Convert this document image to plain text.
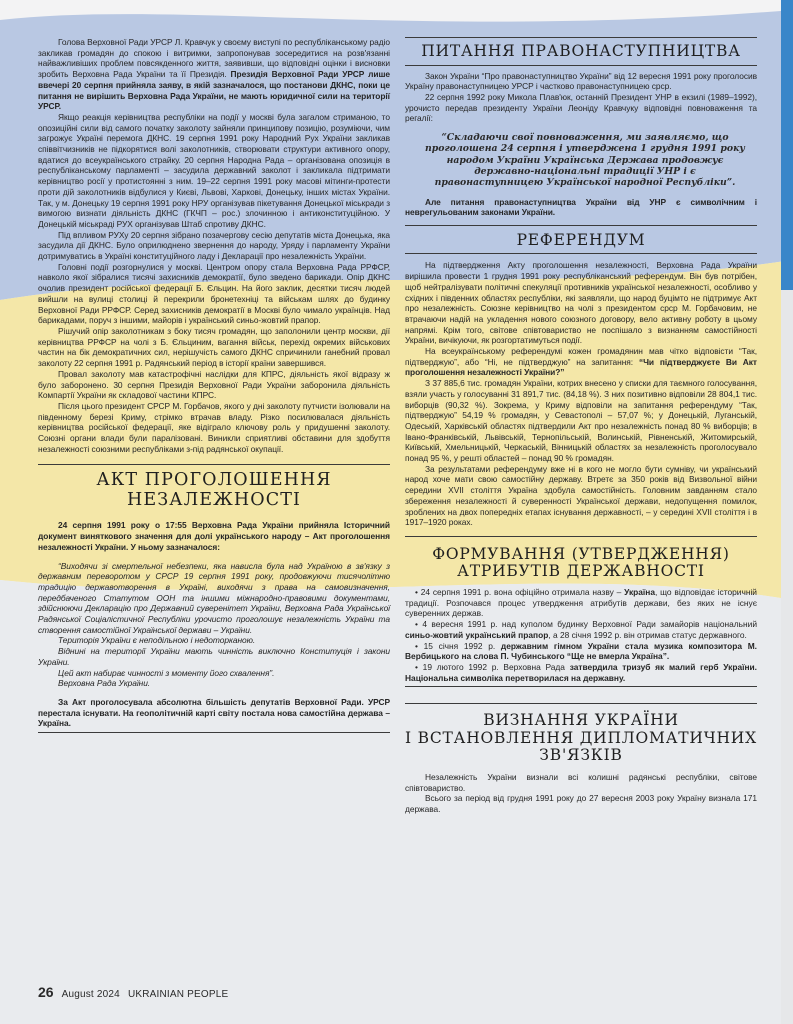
Голова Верховної Ради УРСР Л. Кравчук у своєму виступі по республіканському радіо закликав громадян до спокою і витримки, запропонував зосередитися на розв'язанні найважливіших проблем повсякденного життя, заявивши, що відповідні оцінки і висновки зробить Верховна Рада України та її Президія. Президія Верховної Ради УРСР лише ввечері 20 серпня прийняла заяву, в якій зазначалося, що постанови ДКНС, поки це питання не вирішить Верховна Рада України, не мають юридичної сили на території УРСР.

Якщо реакція керівництва республіки на події у москві була загалом стриманою, то опозиційні сили від самого початку заколоту зайняли принципову позицію, розуміючи, чим загрожує Україні перемога ДКНС. 19 серпня 1991 року Народний Рух України закликав співвітчизників не підкорятися волі заколотників, створювати структури активного опору, вдатися до всеукраїнського страйку. 20 серпня Народна Рада – організована опозиція в республіканському парламенті – засудила державний заколот і закликала підтримати керівництво росії у протистоянні з ним. 19–22 серпня 1991 року масові мітинги-протести проти дій заколотників відбулися у Києві, Львові, Харкові, Донецьку, інших містах України. Так, у м. Донецьку 19 серпня 1991 року НРУ організував пікетування Донецької міськради з вимогою визнати діяльність ДКНС (ГКЧП – рос.) злочинною і антиконституційною. У Донецькій міськраді РУХ організував Штаб спротиву ДКНС.

Під впливом РУХу 20 серпня зібрано позачергову сесію депутатів міста Донецька, яка засудила дії ДКНС. Було оприлюднено звернення до народу, Уряду і парламенту України дотримуватись в Україні конституційного ладу і Декларації про незалежність України.

Головні події розгорнулися у москві. Центром опору стала Верховна Рада РРФСР, навколо якої зібралися тисячі захисників демократії, було зведено барикади. Опір ДКНС очолив президент російської федерації Б. Єльцин. На його заклик, десятки тисяч людей вийшли на вулиці столиці й перекрили бронетехніці та військам шлях до будинку Верховної Ради РРФСР. Серед захисників демократії в Москві було чимало українців. Над барикадами, поруч з іншими, майорів і український синьо-жовтий прапор.

Рішучий опір заколотникам з боку тисяч громадян, що заполонили центр москви, дії керівництва РРФСР на чолі з Б. Єльциним, вагання військ, перехід окремих військових частин на бік демократичних сил, нерішучість самого ДКНС спричинили ганебний провал заколоту 22 серпня 1991 р. Радянський період в історії країни завершився.

Провал заколоту мав катастрофічні наслідки для КПРС, діяльність якої відразу ж було заборонено. 30 серпня Президія Верховної Ради України заборонила діяльність Компартії України як складової частини КПРС.

Після цього президент СРСР М. Горбачов, якого у дні заколоту путчисти ізолювали на південному березі Криму, стрімко втрачав владу. Різко посилювалася діяльність керівництва російської федерації, яке відіграло ключову роль у придушенні заколоту. Союзні органи влади були паралізовані. Виникли сприятливі обставини для здобуття незалежності союзними республіками з-під радянської окупації.

АКТ ПРОГОЛОШЕННЯ
НЕЗАЛЕЖНОСТІ

24 серпня 1991 року о 17:55 Верховна Рада України прийняла Історичний документ виняткового значення для долі українського народу – Акт проголошення незалежності України. У ньому зазначалося:

“Виходячи зі смертельної небезпеки, яка нависла була над Україною в зв'язку з державним переворотом у СРСР 19 серпня 1991 року, продовжуючи тисячолітню традицію державотворення в Україні, виходячи з права на самовизначення, передбаченого Статутом ООН та іншими міжнародно-правовими документами, здійснюючи Декларацію про Державний суверенітет України, Верховна Рада Української Радянської Соціалістичної Республіки урочисто проголошує незалежність України та створення самостійної Української держави – України.

Територія України є неподільною і недоторканою.

Віднині на території України мають чинність виключно Конституція і закони України.

Цей акт набирає чинності з моменту його схвалення”.

Верховна Рада України.

За Акт проголосувала абсолютна більшість депутатів Верховної Ради. УРСР перестала існувати. На геополітичній карті світу постала нова самостійна держава – Україна.

ПИТАННЯ ПРАВОНАСТУПНИЦТВА

Закон України “Про правонаступництво України” від 12 вересня 1991 року проголосив Україну правонаступницею УРСР і частково правонаступницею срср.

22 серпня 1992 року Микола Плав'юк, останній Президент УНР в екзилі (1989–1992), урочисто передав президенту України Леоніду Кравчуку відповідні повноваження та регалії:

“Складаючи свої повноваження, ми заявляємо, що проголошена 24 серпня і утверджена 1 грудня 1991 року народом України Українська Держава продовжує державно-національні традиції УНР і є правонаступницею Української народної Республіки”.

Але питання правонаступництва України від УНР є символічним і неврегульованим законами України.

РЕФЕРЕНДУМ

На підтвердження Акту проголошення незалежності, Верховна Рада України вирішила провести 1 грудня 1991 року республіканський референдум. Він був потрібен, щоб нейтралізувати політичні спекуляції противників української незалежності, особливо у східних і південних областях республіки, які заявляли, що народ буцімто не підтримує Акт про незалежність. Союзне керівництво на чолі з президентом срср М. Горбачовим, не втрачаючи надій на укладення нового союзного договору, вело активну роботу в цьому напрямі. Крім того, світове співтовариство не поспішало з визнанням самостійності України, вичікуючи, як розгортатимуться події.

На всеукраїнському референдумі кожен громадянин мав чітко відповісти “Так, підтверджую”, або “Ні, не підтверджую” на запитання: “Чи підтверджуєте Ви Акт проголошення незалежності України?”

З 37 885,6 тис. громадян України, котрих внесено у списки для таємного голосування, взяли участь у голосуванні 31 891,7 тис. (84,18 %). З них позитивно відповіли 28 804,1 тис. виборців (90,32 %). Зокрема, у Криму відповіли на запитання референдуму “Так, підтверджую” 54,19 % громадян, у Севастополі – 57,07 %; у Донецькій, Луганській, Одеській, Харківській областях підтвердили Акт про незалежність понад 80 % виборців; в Івано-Франківській, Львівській, Тернопільській, Волинській, Рівненській, Житомирській, Київській, Хмельницькій, Черкаській, Вінницькій областях за незалежність проголосувало понад 95 %, у решті областей – понад 90 % громадян.

За результатами референдуму вже ні в кого не могло бути сумніву, чи український народ хоче мати свою самостійну державу. Втретє за 350 років від Визвольної війни середини XVII століття Україна здобула самостійність. Головним завданням стало збереження незалежності й суверенності Української держави, недопущення помилок, зроблених на двох попередніх етапах існування державності, – у середині XVII століття і в 1917–1920 роках.

ФОРМУВАННЯ (УТВЕРДЖЕННЯ)
АТРИБУТІВ ДЕРЖАВНОСТІ

• 24 серпня 1991 р. вона офіційно отримала назву – Україна, що відповідає історичній традиції. Розпочався процес утвердження атрибутів держави, без яких не існує суверенних держав.

• 4 вересня 1991 р. над куполом будинку Верховної Ради замайорів національний синьо-жовтий український прапор, а 28 січня 1992 р. він отримав статус державного.

• 15 січня 1992 р. державним гімном України стала музика композитора М. Вербицького на слова П. Чубинського “Ще не вмерла Україна”.

• 19 лютого 1992 р. Верховна Рада затвердила тризуб як малий герб України. Національна символіка перетворилася на державну.

ВИЗНАННЯ УКРАЇНИ
І ВСТАНОВЛЕННЯ ДИПЛОМАТИЧНИХ
ЗВ'ЯЗКІВ

Незалежність України визнали всі колишні радянські республіки, світове співтовариство.

Всього за період від грудня 1991 року до 27 вересня 2003 року Україну визнала 171 держава.

26 August 2024 UKRAINIAN PEOPLE
